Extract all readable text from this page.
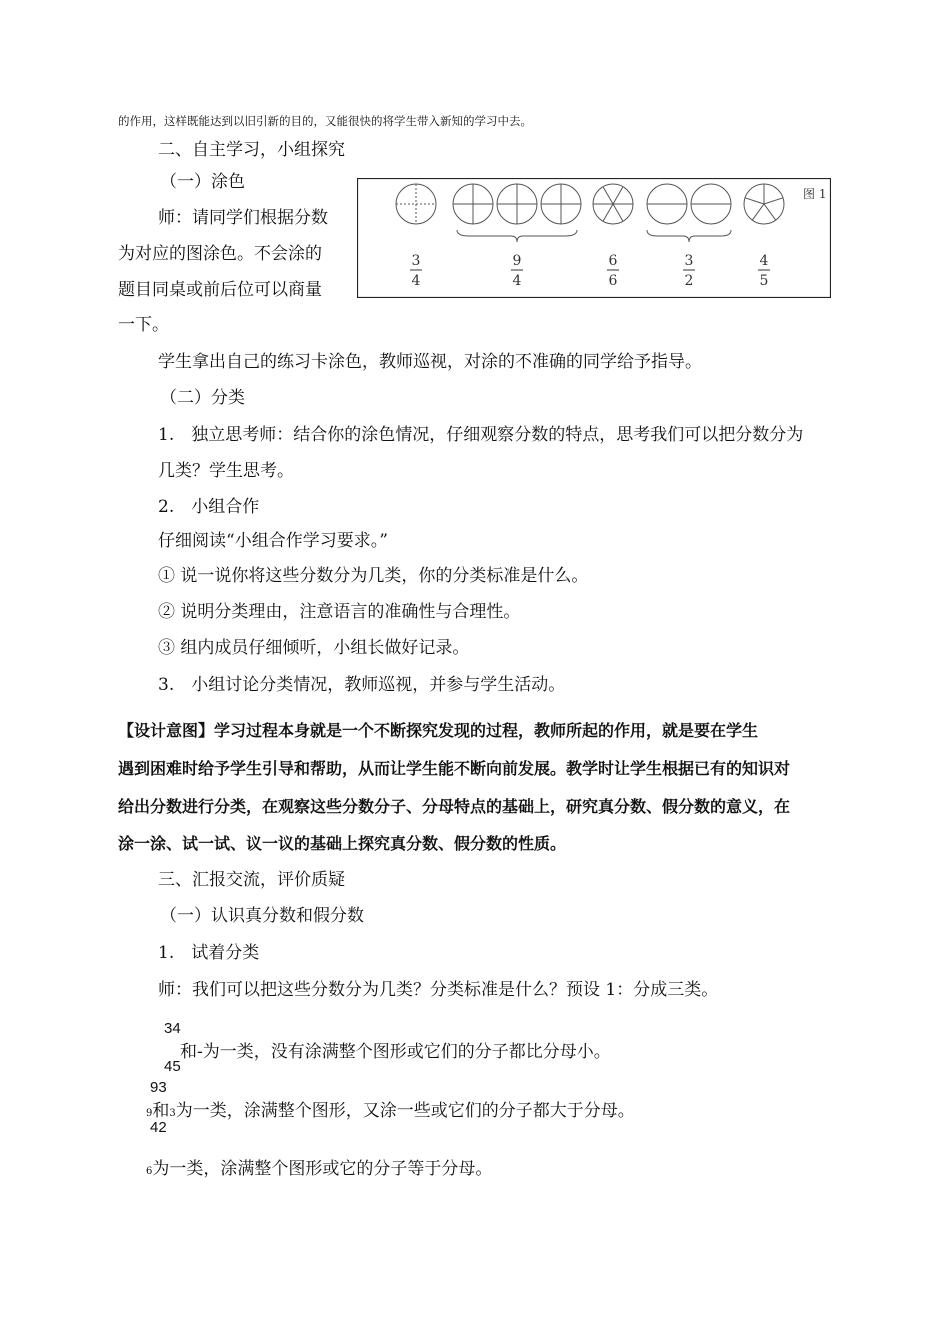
的作用，这样既能达到以旧引新的目的，又能很快的将学生带入新知的学习中去。
二、自主学习，小组探究
（一）涂色
师：请同学们根据分数
为对应的图涂色。不会涂的
题目同桌或前后位可以商量
一下。
图 1
3
4
9
4
6
6
3
2
4
5
学生拿出自己的练习卡涂色，教师巡视，对涂的不准确的同学给予指导。
（二）分类
1.　独立思考师：结合你的涂色情况，仔细观察分数的特点，思考我们可以把分数分为
几类？学生思考。
2.　小组合作
仔细阅读“小组合作学习要求。”
① 说一说你将这些分数分为几类，你的分类标准是什么。
② 说明分类理由，注意语言的准确性与合理性。
③ 组内成员仔细倾听，小组长做好记录。
3.　小组讨论分类情况，教师巡视，并参与学生活动。
【设计意图】学习过程本身就是一个不断探究发现的过程，教师所起的作用，就是要在学生
遇到困难时给予学生引导和帮助，从而让学生能不断向前发展。教学时让学生根据已有的知识对
给出分数进行分类，在观察这些分数分子、分母特点的基础上，研究真分数、假分数的意义，在
涂一涂、试一试、议一议的基础上探究真分数、假分数的性质。
三、汇报交流，评价质疑
（一）认识真分数和假分数
1.　试着分类
师：我们可以把这些分数分为几类？分类标准是什么？预设 1：分成三类。
34
和-为一类，没有涂满整个图形或它们的分子都比分母小。
45
93
9和3为一类，涂满整个图形，又涂一些或它们的分子都大于分母。
42
6为一类，涂满整个图形或它的分子等于分母。
